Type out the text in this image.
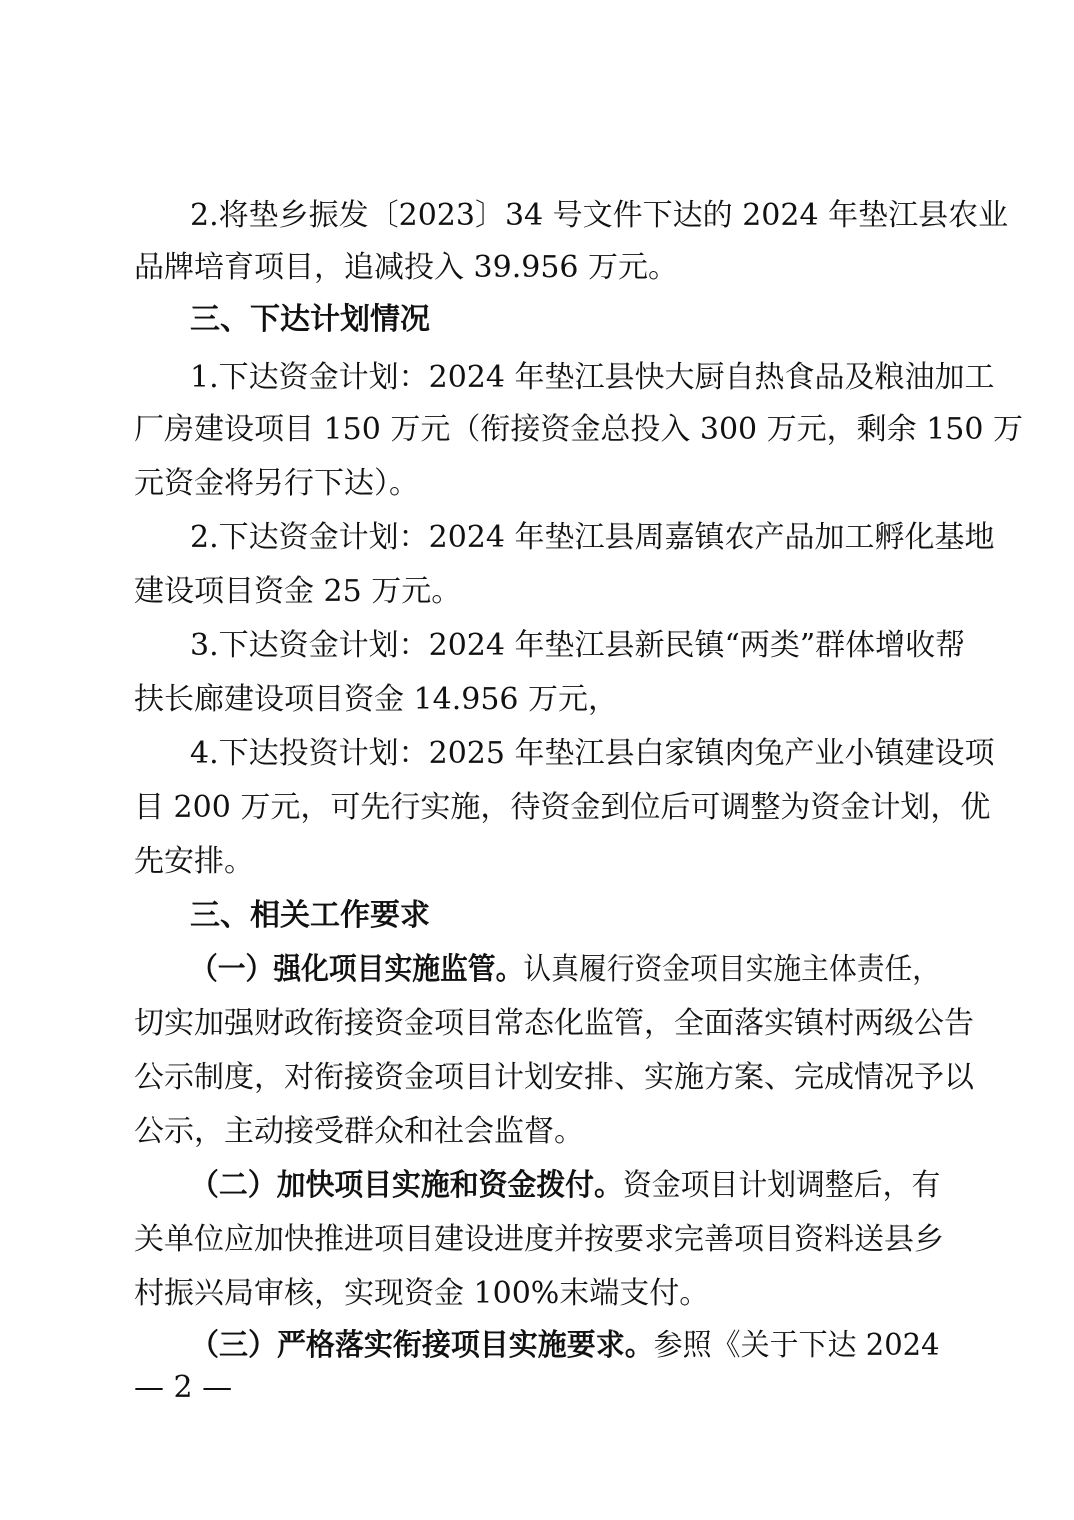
2.将垫乡振发〔2023〕34 号文件下达的 2024 年垫江县农业
品牌培育项目，追减投入 39.956 万元。
三、下达计划情况
1.下达资金计划：2024 年垫江县快大厨自热食品及粮油加工
厂房建设项目 150 万元（衔接资金总投入 300 万元，剩余 150 万
元资金将另行下达）。
2.下达资金计划：2024 年垫江县周嘉镇农产品加工孵化基地
建设项目资金 25 万元。
3.下达资金计划：2024 年垫江县新民镇“两类”群体增收帮
扶长廊建设项目资金 14.956 万元，
4.下达投资计划：2025 年垫江县白家镇肉兔产业小镇建设项
目 200 万元，可先行实施，待资金到位后可调整为资金计划，优
先安排。
三、相关工作要求
（一）强化项目实施监管。认真履行资金项目实施主体责任，
切实加强财政衔接资金项目常态化监管，全面落实镇村两级公告
公示制度，对衔接资金项目计划安排、实施方案、完成情况予以
公示，主动接受群众和社会监督。
（二）加快项目实施和资金拨付。资金项目计划调整后，有
关单位应加快推进项目建设进度并按要求完善项目资料送县乡
村振兴局审核，实现资金 100%末端支付。
（三）严格落实衔接项目实施要求。参照《关于下达 2024
— 2 —
